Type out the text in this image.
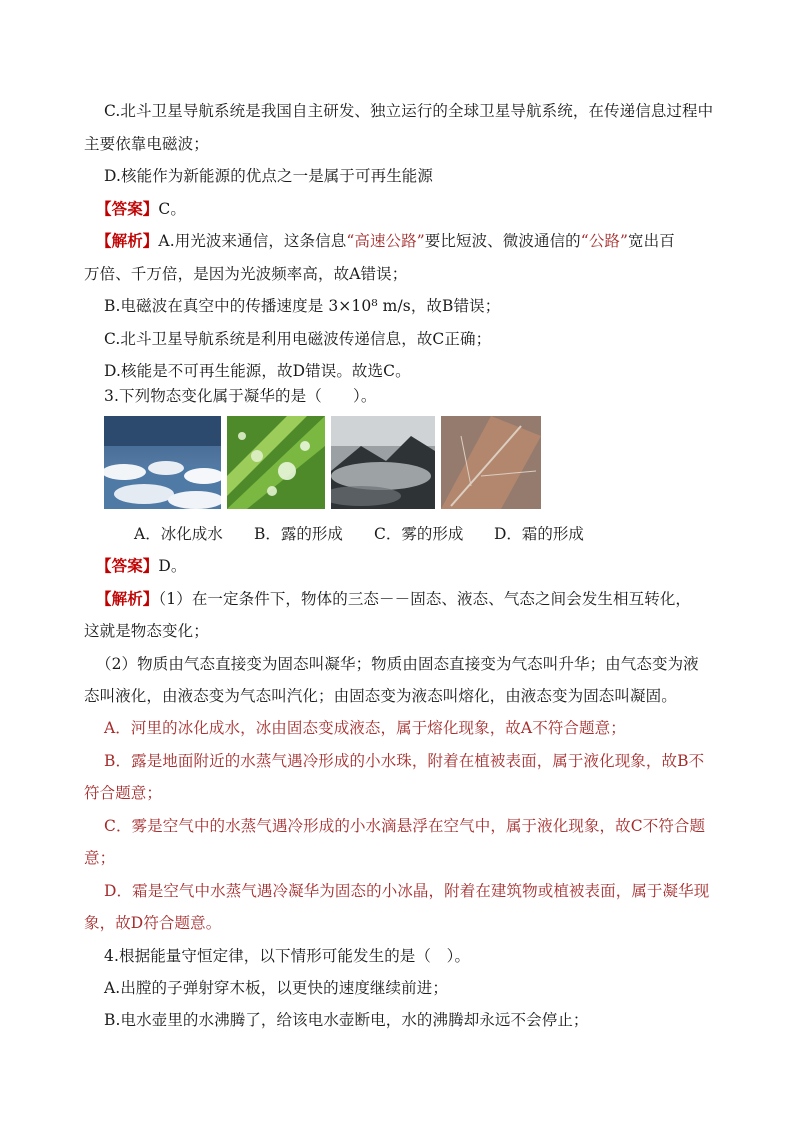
C.北斗卫星导航系统是我国自主研发、独立运行的全球卫星导航系统，在传递信息过程中
主要依靠电磁波；
D.核能作为新能源的优点之一是属于可再生能源
【答案】C。
【解析】A.用光波来通信，这条信息“高速公路”要比短波、微波通信的“公路”宽出百
万倍、千万倍，是因为光波频率高，故A错误；
B.电磁波在真空中的传播速度是 3×10⁸ m/s，故B错误；
C.北斗卫星导航系统是利用电磁波传递信息，故C正确；
D.核能是不可再生能源，故D错误。故选C。
3.下列物态变化属于凝华的是（　　）。
A．冰化成水 B．露的形成 C．雾的形成 D．霜的形成
【答案】D。
【解析】（1）在一定条件下，物体的三态－－固态、液态、气态之间会发生相互转化，
这就是物态变化；
（2）物质由气态直接变为固态叫凝华；物质由固态直接变为气态叫升华；由气态变为液
态叫液化，由液态变为气态叫汽化；由固态变为液态叫熔化，由液态变为固态叫凝固。
A．河里的冰化成水，冰由固态变成液态，属于熔化现象，故A不符合题意；
B．露是地面附近的水蒸气遇冷形成的小水珠，附着在植被表面，属于液化现象，故B不
符合题意；
C．雾是空气中的水蒸气遇冷形成的小水滴悬浮在空气中，属于液化现象，故C不符合题
意；
D．霜是空气中水蒸气遇冷凝华为固态的小冰晶，附着在建筑物或植被表面，属于凝华现
象，故D符合题意。
4.根据能量守恒定律，以下情形可能发生的是（　）。
A.出膛的子弹射穿木板，以更快的速度继续前进；
B.电水壶里的水沸腾了，给该电水壶断电，水的沸腾却永远不会停止；
